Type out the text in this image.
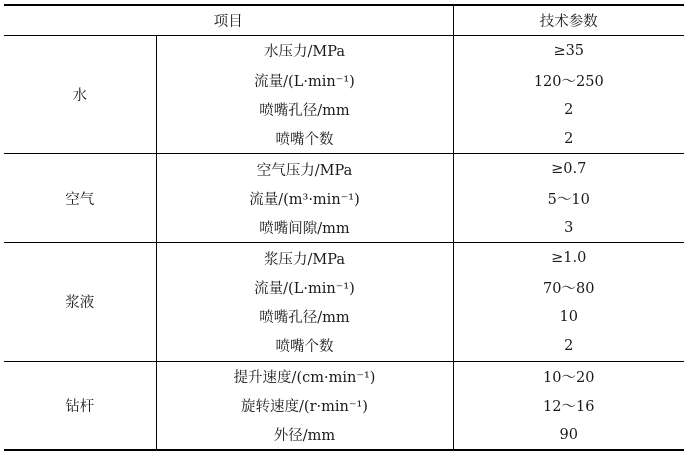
项目		技术参数
水	水压力/MPa	≥35
	流量/(L·min⁻¹)	120～250
	喷嘴孔径/mm	2
	喷嘴个数	2
空气	空气压力/MPa	≥0.7
	流量/(m³·min⁻¹)	5～10
	喷嘴间隙/mm	3
浆液	浆压力/MPa	≥1.0
	流量/(L·min⁻¹)	70～80
	喷嘴孔径/mm	10
	喷嘴个数	2
钻杆	提升速度/(cm·min⁻¹)	10～20
	旋转速度/(r·min⁻¹)	12～16
	外径/mm	90
